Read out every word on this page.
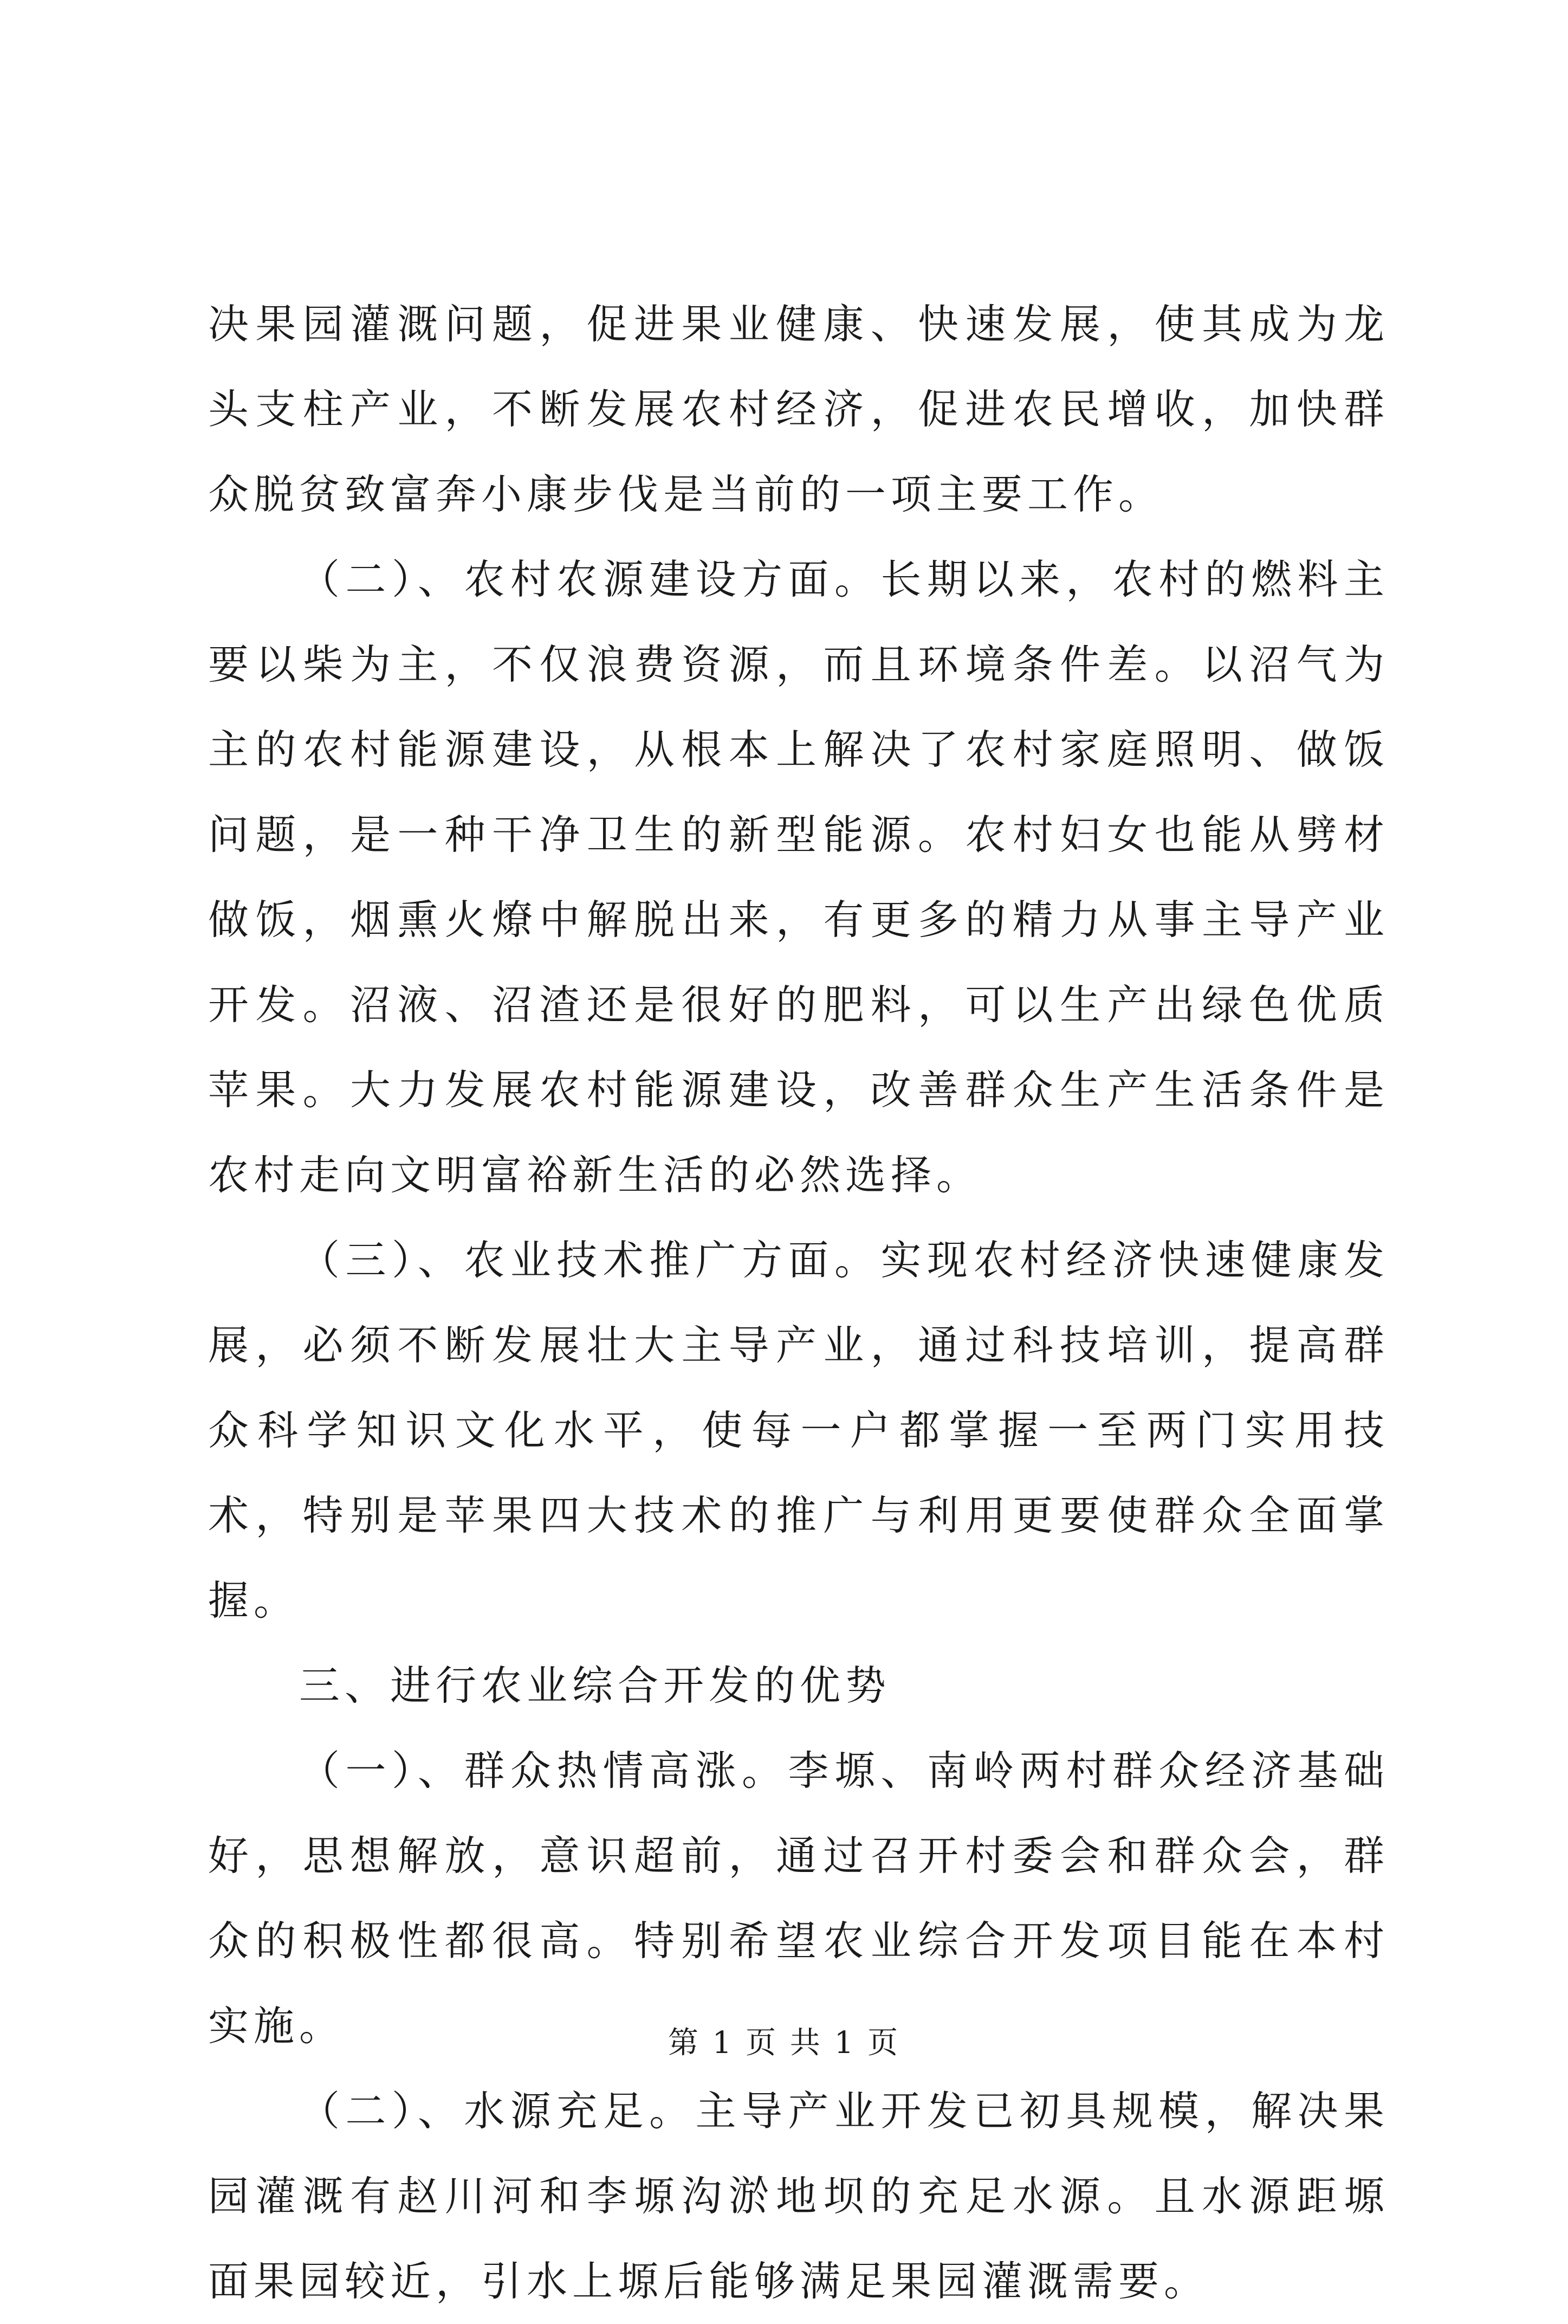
决果园灌溉问题，促进果业健康、快速发展，使其成为龙头支柱产业，不断发展农村经济，促进农民增收，加快群众脱贫致富奔小康步伐是当前的一项主要工作。

（二）、农村农源建设方面。长期以来，农村的燃料主要以柴为主，不仅浪费资源，而且环境条件差。以沼气为主的农村能源建设，从根本上解决了农村家庭照明、做饭问题，是一种干净卫生的新型能源。农村妇女也能从劈材做饭，烟熏火燎中解脱出来，有更多的精力从事主导产业开发。沼液、沼渣还是很好的肥料，可以生产出绿色优质苹果。大力发展农村能源建设，改善群众生产生活条件是农村走向文明富裕新生活的必然选择。

（三）、农业技术推广方面。实现农村经济快速健康发展，必须不断发展壮大主导产业，通过科技培训，提高群众科学知识文化水平，使每一户都掌握一至两门实用技术，特别是苹果四大技术的推广与利用更要使群众全面掌握。

三、进行农业综合开发的优势

（一）、群众热情高涨。李塬、南岭两村群众经济基础好，思想解放，意识超前，通过召开村委会和群众会，群众的积极性都很高。特别希望农业综合开发项目能在本村实施。

（二）、水源充足。主导产业开发已初具规模，解决果园灌溉有赵川河和李塬沟淤地坝的充足水源。且水源距塬面果园较近，引水上塬后能够满足果园灌溉需要。

第 1 页 共 1 页
